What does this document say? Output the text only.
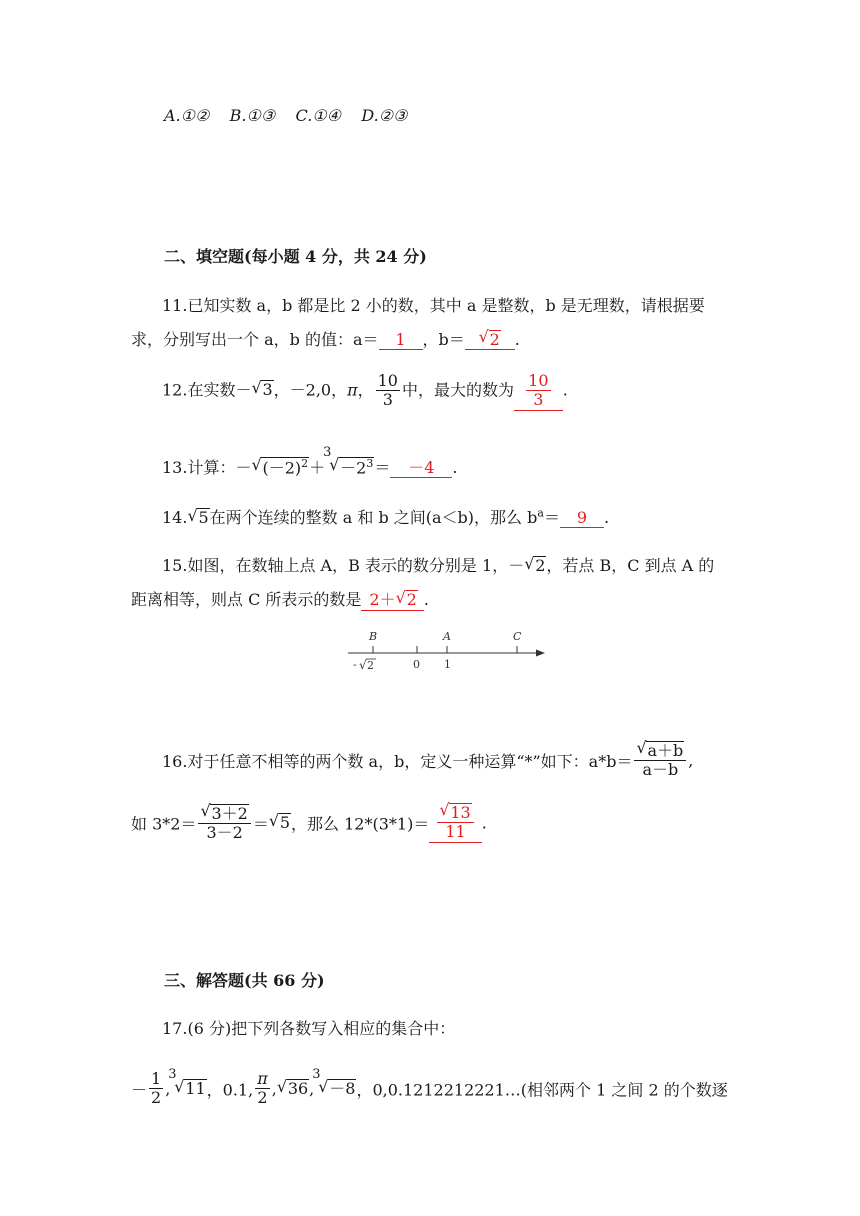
A.①② B.①③ C.①④ D.②③
二、填空题(每小题 4 分，共 24 分)
11.已知实数 a，b 都是比 2 小的数，其中 a 是整数，b 是无理数，请根据要
求，分别写出一个 a，b 的值：a＝ 1 ，b＝ √ 2 .
12.在实数－ √ 3，－2,0，π， $\frac{10}{3}$ 中，最大的数为 $\frac{10}{3}$ .
13.计算：－ √ $(-2)^2+$
3
√ $-2^3= -4$ .
14. √ 5在两个连续的整数 a 和 b 之间(a＜b)，那么 $b^a= 9$ .
15.如图，在数轴上点 A，B 表示的数分别是 1，－ √ 2，若点 B，C 到点 A 的
距离相等，则点 C 所表示的数是 2＋ √ 2 .
B	A	C
- √ 2	0 1
16.对于任意不相等的两个数 a，b，定义一种运算“*”如下：a*b＝ √ $\frac{a+b}{a-b}$ ,
如 3*2＝ √ $\frac{3+2}{3-2}$ ＝ √ 5，那么 12*(3*1)＝ √ $\frac{13}{11}$ .
三、解答题(共 66 分)
17.(6 分)把下列各数写入相应的集合中：
－ $\frac{1}{2}$ ,
3
√ 11，0.1, $\frac{\pi}{2}$ , √ 36,
3
√ －8，0,0.1212212221…(相邻两个 1 之间 2 的个数逐
